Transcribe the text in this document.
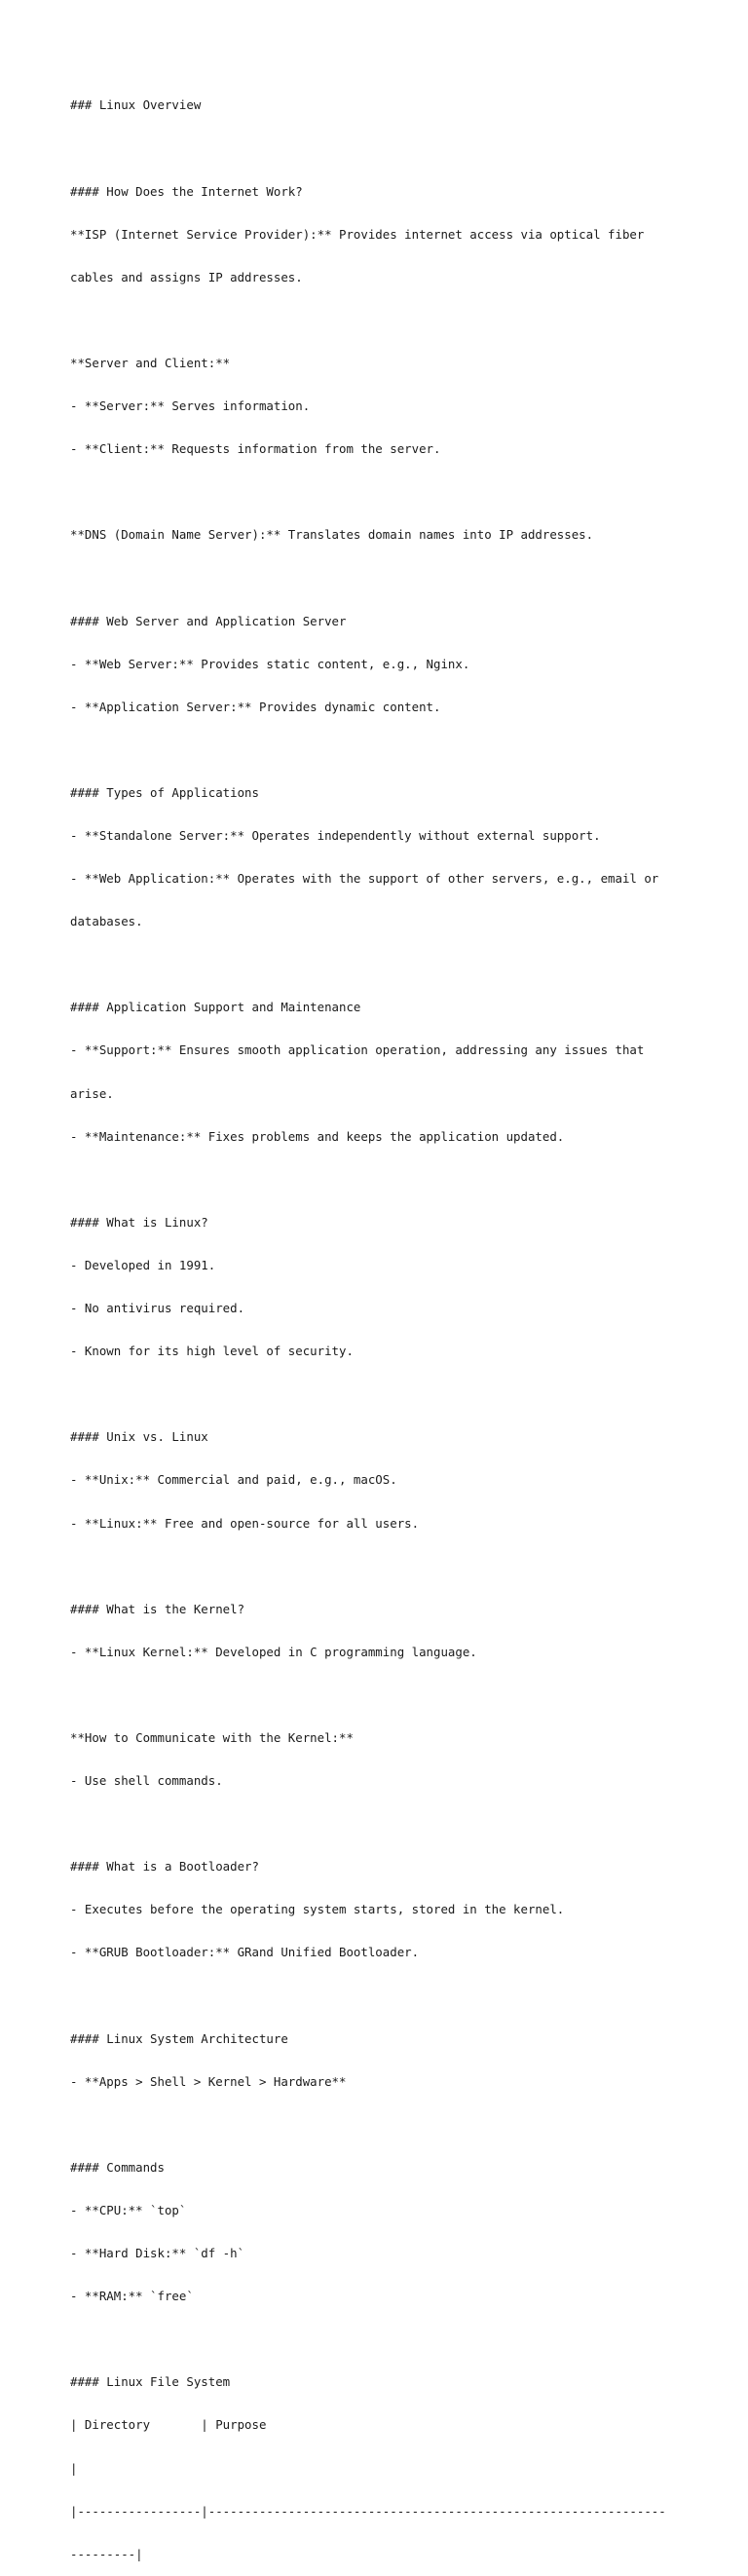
### Linux Overview

#### How Does the Internet Work?

**ISP (Internet Service Provider):** Provides internet access via optical fiber

cables and assigns IP addresses.

**Server and Client:**

- **Server:** Serves information.

- **Client:** Requests information from the server.

**DNS (Domain Name Server):** Translates domain names into IP addresses.

#### Web Server and Application Server

- **Web Server:** Provides static content, e.g., Nginx.

- **Application Server:** Provides dynamic content.

#### Types of Applications

- **Standalone Server:** Operates independently without external support.

- **Web Application:** Operates with the support of other servers, e.g., email or

databases.

#### Application Support and Maintenance

- **Support:** Ensures smooth application operation, addressing any issues that

arise.

- **Maintenance:** Fixes problems and keeps the application updated.

#### What is Linux?

- Developed in 1991.

- No antivirus required.

- Known for its high level of security.

#### Unix vs. Linux

- **Unix:** Commercial and paid, e.g., macOS.

- **Linux:** Free and open-source for all users.

#### What is the Kernel?

- **Linux Kernel:** Developed in C programming language.

**How to Communicate with the Kernel:**

- Use shell commands.

#### What is a Bootloader?

- Executes before the operating system starts, stored in the kernel.

- **GRUB Bootloader:** GRand Unified Bootloader.

#### Linux System Architecture

- **Apps > Shell > Kernel > Hardware**

#### Commands

- **CPU:** `top`

- **Hard Disk:** `df -h`

- **RAM:** `free`

#### Linux File System

| Directory       | Purpose

|

|-----------------|---------------------------------------------------------------

---------|
